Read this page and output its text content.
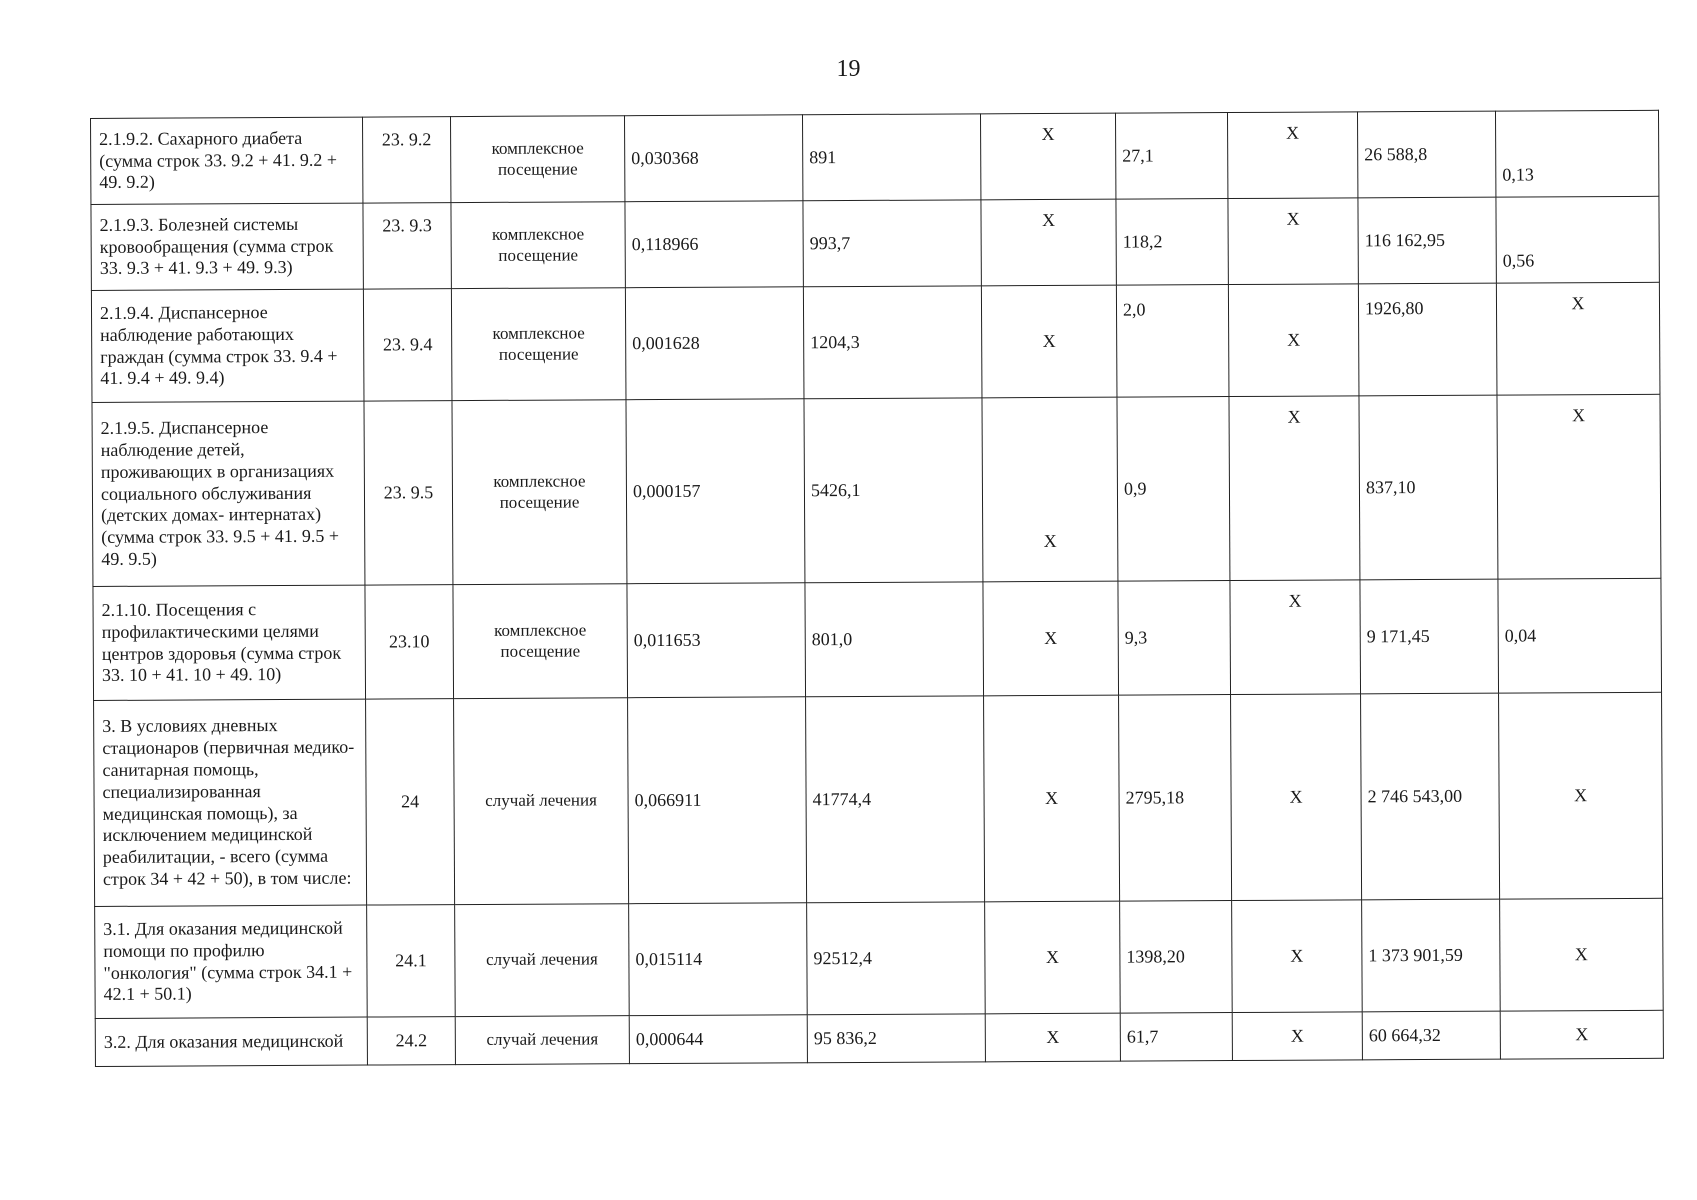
19
2.1.9.2. Сахарного диабета (сумма строк 33. 9.2 + 41. 9.2 + 49. 9.2)	23. 9.2	комплексное посещение	0,030368	891	X	27,1	X	26 588,8	0,13
2.1.9.3. Болезней системы кровообращения (сумма строк 33. 9.3 + 41. 9.3 + 49. 9.3)	23. 9.3	комплексное посещение	0,118966	993,7	X	118,2	X	116 162,95	0,56
2.1.9.4. Диспансерное наблюдение работающих граждан (сумма строк 33. 9.4 + 41. 9.4 + 49. 9.4)	23. 9.4	комплексное посещение	0,001628	1204,3	X	2,0	X	1926,80	X
2.1.9.5. Диспансерное наблюдение детей, проживающих в организациях социального обслуживания (детских домах- интернатах) (сумма строк 33. 9.5 + 41. 9.5 + 49. 9.5)	23. 9.5	комплексное посещение	0,000157	5426,1	X	0,9	X	837,10	X
2.1.10. Посещения с профилактическими целями центров здоровья (сумма строк 33. 10 + 41. 10 + 49. 10)	23.10	комплексное посещение	0,011653	801,0	X	9,3	X	9 171,45	0,04
3. В условиях дневных стационаров (первичная медико-санитарная помощь, специализированная медицинская помощь), за исключением медицинской реабилитации, - всего (сумма строк 34 + 42 + 50), в том числе:	24	случай лечения	0,066911	41774,4	X	2795,18	X	2 746 543,00	X
3.1. Для оказания медицинской помощи по профилю "онкология" (сумма строк 34.1 + 42.1 + 50.1)	24.1	случай лечения	0,015114	92512,4	X	1398,20	X	1 373 901,59	X
3.2. Для оказания медицинской	24.2	случай лечения	0,000644	95 836,2	X	61,7	X	60 664,32	X
